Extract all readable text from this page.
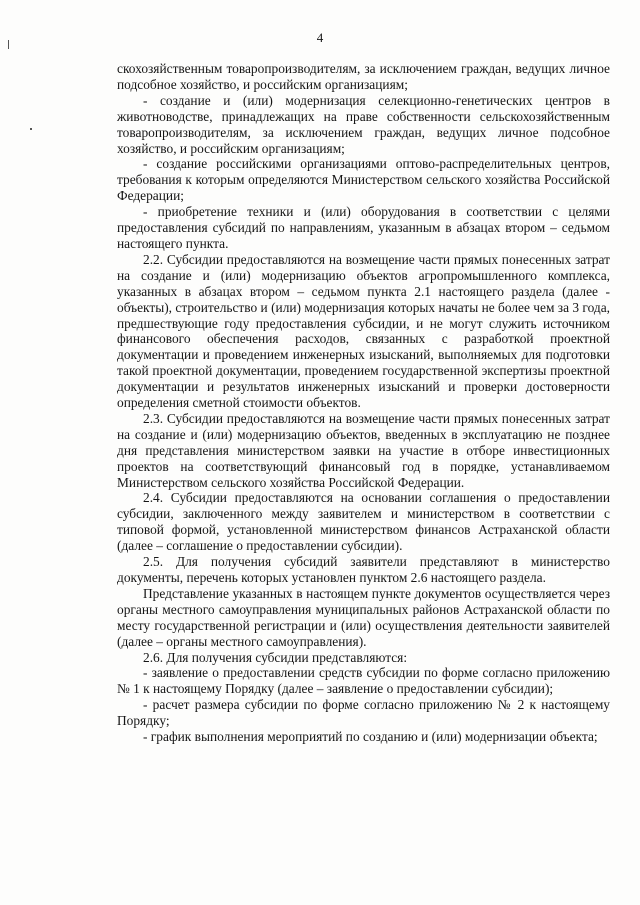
4

скохозяйственным товаропроизводителям, за исключением граждан, ведущих личное подсобное хозяйство, и российским организациям;

- создание и (или) модернизация селекционно-генетических центров в животноводстве, принадлежащих на праве собственности сельскохозяйственным товаропроизводителям, за исключением граждан, ведущих личное подсобное хозяйство, и российским организациям;

- создание российскими организациями оптово-распределительных центров, требования к которым определяются Министерством сельского хозяйства Российской Федерации;

- приобретение техники и (или) оборудования в соответствии с целями предоставления субсидий по направлениям, указанным в абзацах втором – седьмом настоящего пункта.

2.2. Субсидии предоставляются на возмещение части прямых понесенных затрат на создание и (или) модернизацию объектов агропромышленного комплекса, указанных в абзацах втором – седьмом пункта 2.1 настоящего раздела (далее - объекты), строительство и (или) модернизация которых начаты не более чем за 3 года, предшествующие году предоставления субсидии, и не могут служить источником финансового обеспечения расходов, связанных с разработкой проектной документации и проведением инженерных изысканий, выполняемых для подготовки такой проектной документации, проведением государственной экспертизы проектной документации и результатов инженерных изысканий и проверки достоверности определения сметной стоимости объектов.

2.3. Субсидии предоставляются на возмещение части прямых понесенных затрат на создание и (или) модернизацию объектов, введенных в эксплуатацию не позднее дня представления министерством заявки на участие в отборе инвестиционных проектов на соответствующий финансовый год в порядке, устанавливаемом Министерством сельского хозяйства Российской Федерации.

2.4. Субсидии предоставляются на основании соглашения о предоставлении субсидии, заключенного между заявителем и министерством в соответствии с типовой формой, установленной министерством финансов Астраханской области (далее – соглашение о предоставлении субсидии).

2.5. Для получения субсидий заявители представляют в министерство документы, перечень которых установлен пунктом 2.6 настоящего раздела.

Представление указанных в настоящем пункте документов осуществляется через органы местного самоуправления муниципальных районов Астраханской области по месту государственной регистрации и (или) осуществления деятельности заявителей (далее – органы местного самоуправления).

2.6. Для получения субсидии представляются:

- заявление о предоставлении средств субсидии по форме согласно приложению № 1 к настоящему Порядку (далее – заявление о предоставлении субсидии);

- расчет размера субсидии по форме согласно приложению № 2 к настоящему Порядку;

- график выполнения мероприятий по созданию и (или) модернизации объекта;
